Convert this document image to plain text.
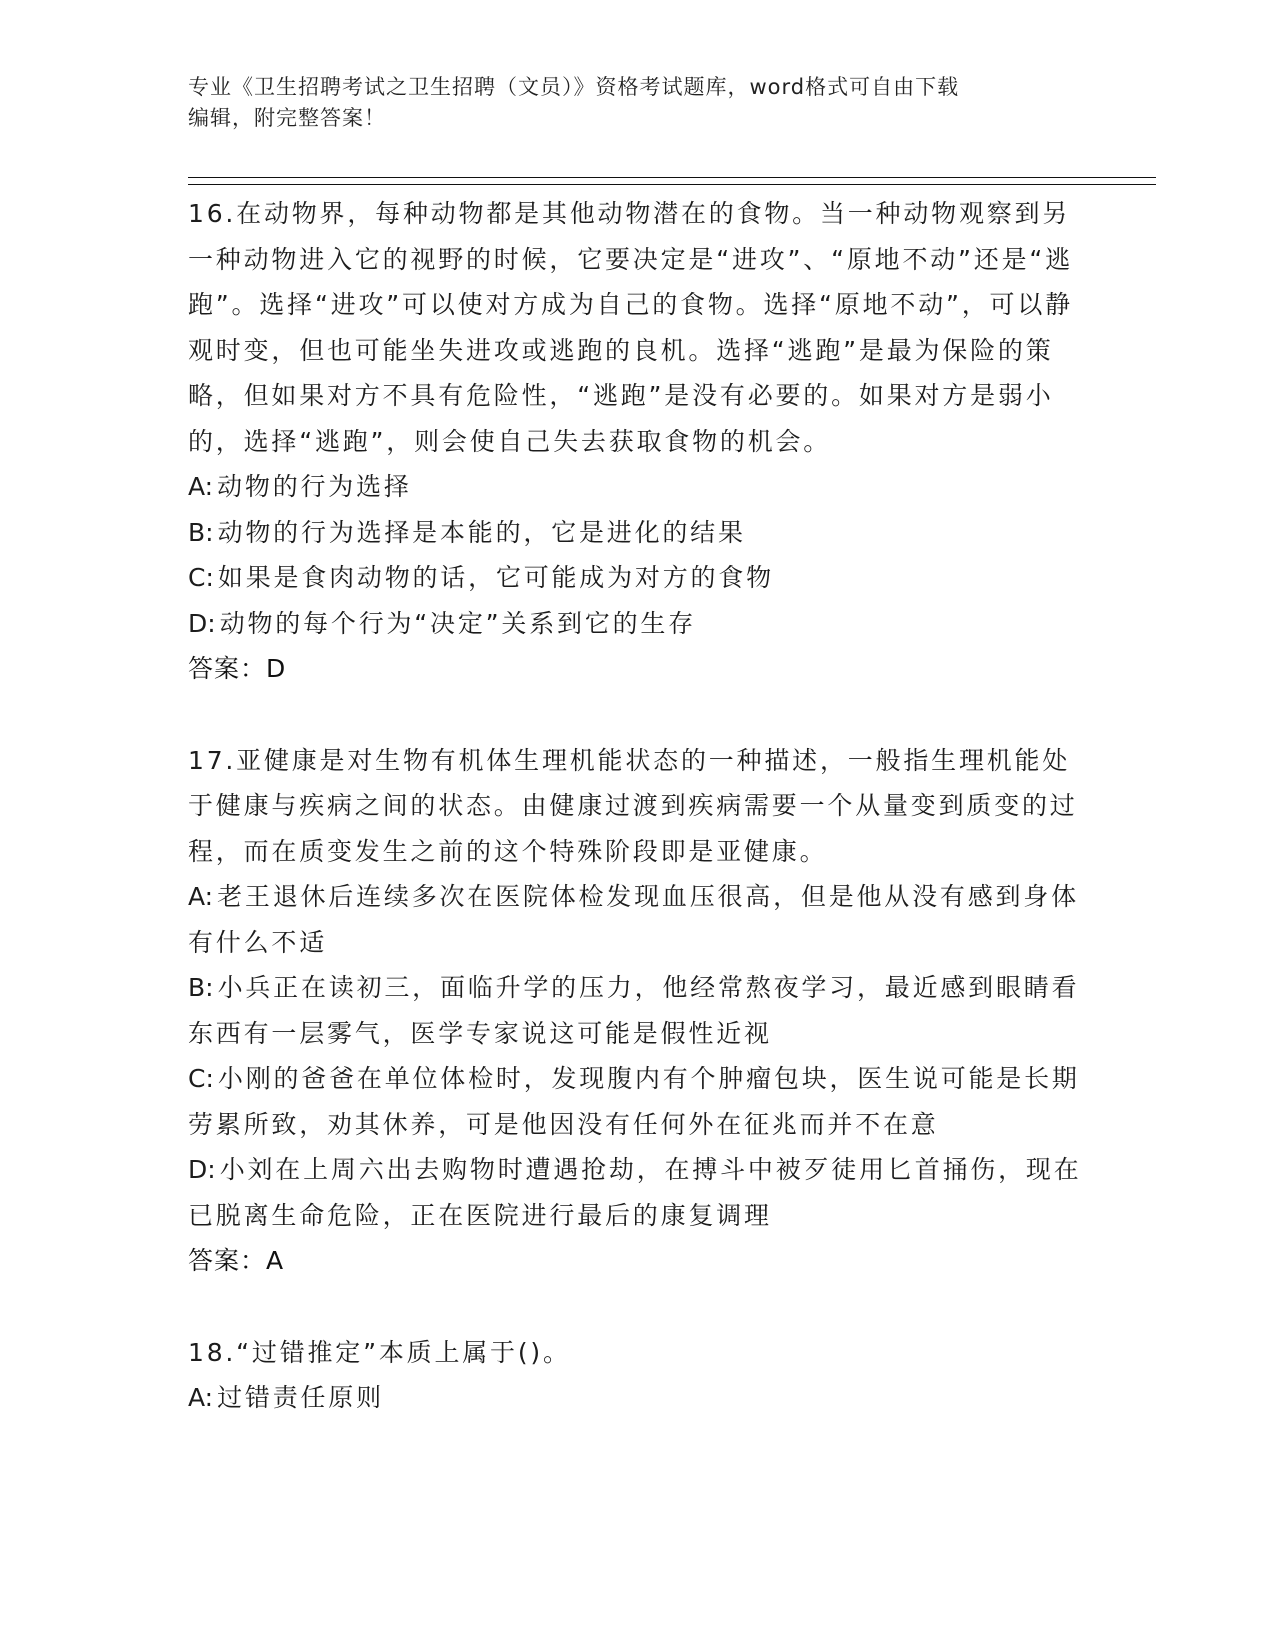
专业《卫生招聘考试之卫生招聘（文员）》资格考试题库，word格式可自由下载
编辑，附完整答案！
16.在动物界，每种动物都是其他动物潜在的食物。当一种动物观察到另一种动物进入它的视野的时候，它要决定是“进攻”、“原地不动”还是“逃跑”。选择“进攻”可以使对方成为自己的食物。选择“原地不动”，可以静观时变，但也可能坐失进攻或逃跑的良机。选择“逃跑”是最为保险的策略，但如果对方不具有危险性，“逃跑”是没有必要的。如果对方是弱小的，选择“逃跑”，则会使自己失去获取食物的机会。
A: 动物的行为选择
B: 动物的行为选择是本能的，它是进化的结果
C: 如果是食肉动物的话，它可能成为对方的食物
D: 动物的每个行为“决定”关系到它的生存
答案：D
17.亚健康是对生物有机体生理机能状态的一种描述，一般指生理机能处于健康与疾病之间的状态。由健康过渡到疾病需要一个从量变到质变的过程，而在质变发生之前的这个特殊阶段即是亚健康。
A: 老王退休后连续多次在医院体检发现血压很高，但是他从没有感到身体有什么不适
B: 小兵正在读初三，面临升学的压力，他经常熬夜学习，最近感到眼睛看东西有一层雾气，医学专家说这可能是假性近视
C: 小刚的爸爸在单位体检时，发现腹内有个肿瘤包块，医生说可能是长期劳累所致，劝其休养，可是他因没有任何外在征兆而并不在意
D: 小刘在上周六出去购物时遭遇抢劫，在搏斗中被歹徒用匕首捅伤，现在已脱离生命危险，正在医院进行最后的康复调理
答案：A
18.“过错推定”本质上属于()。
A: 过错责任原则
